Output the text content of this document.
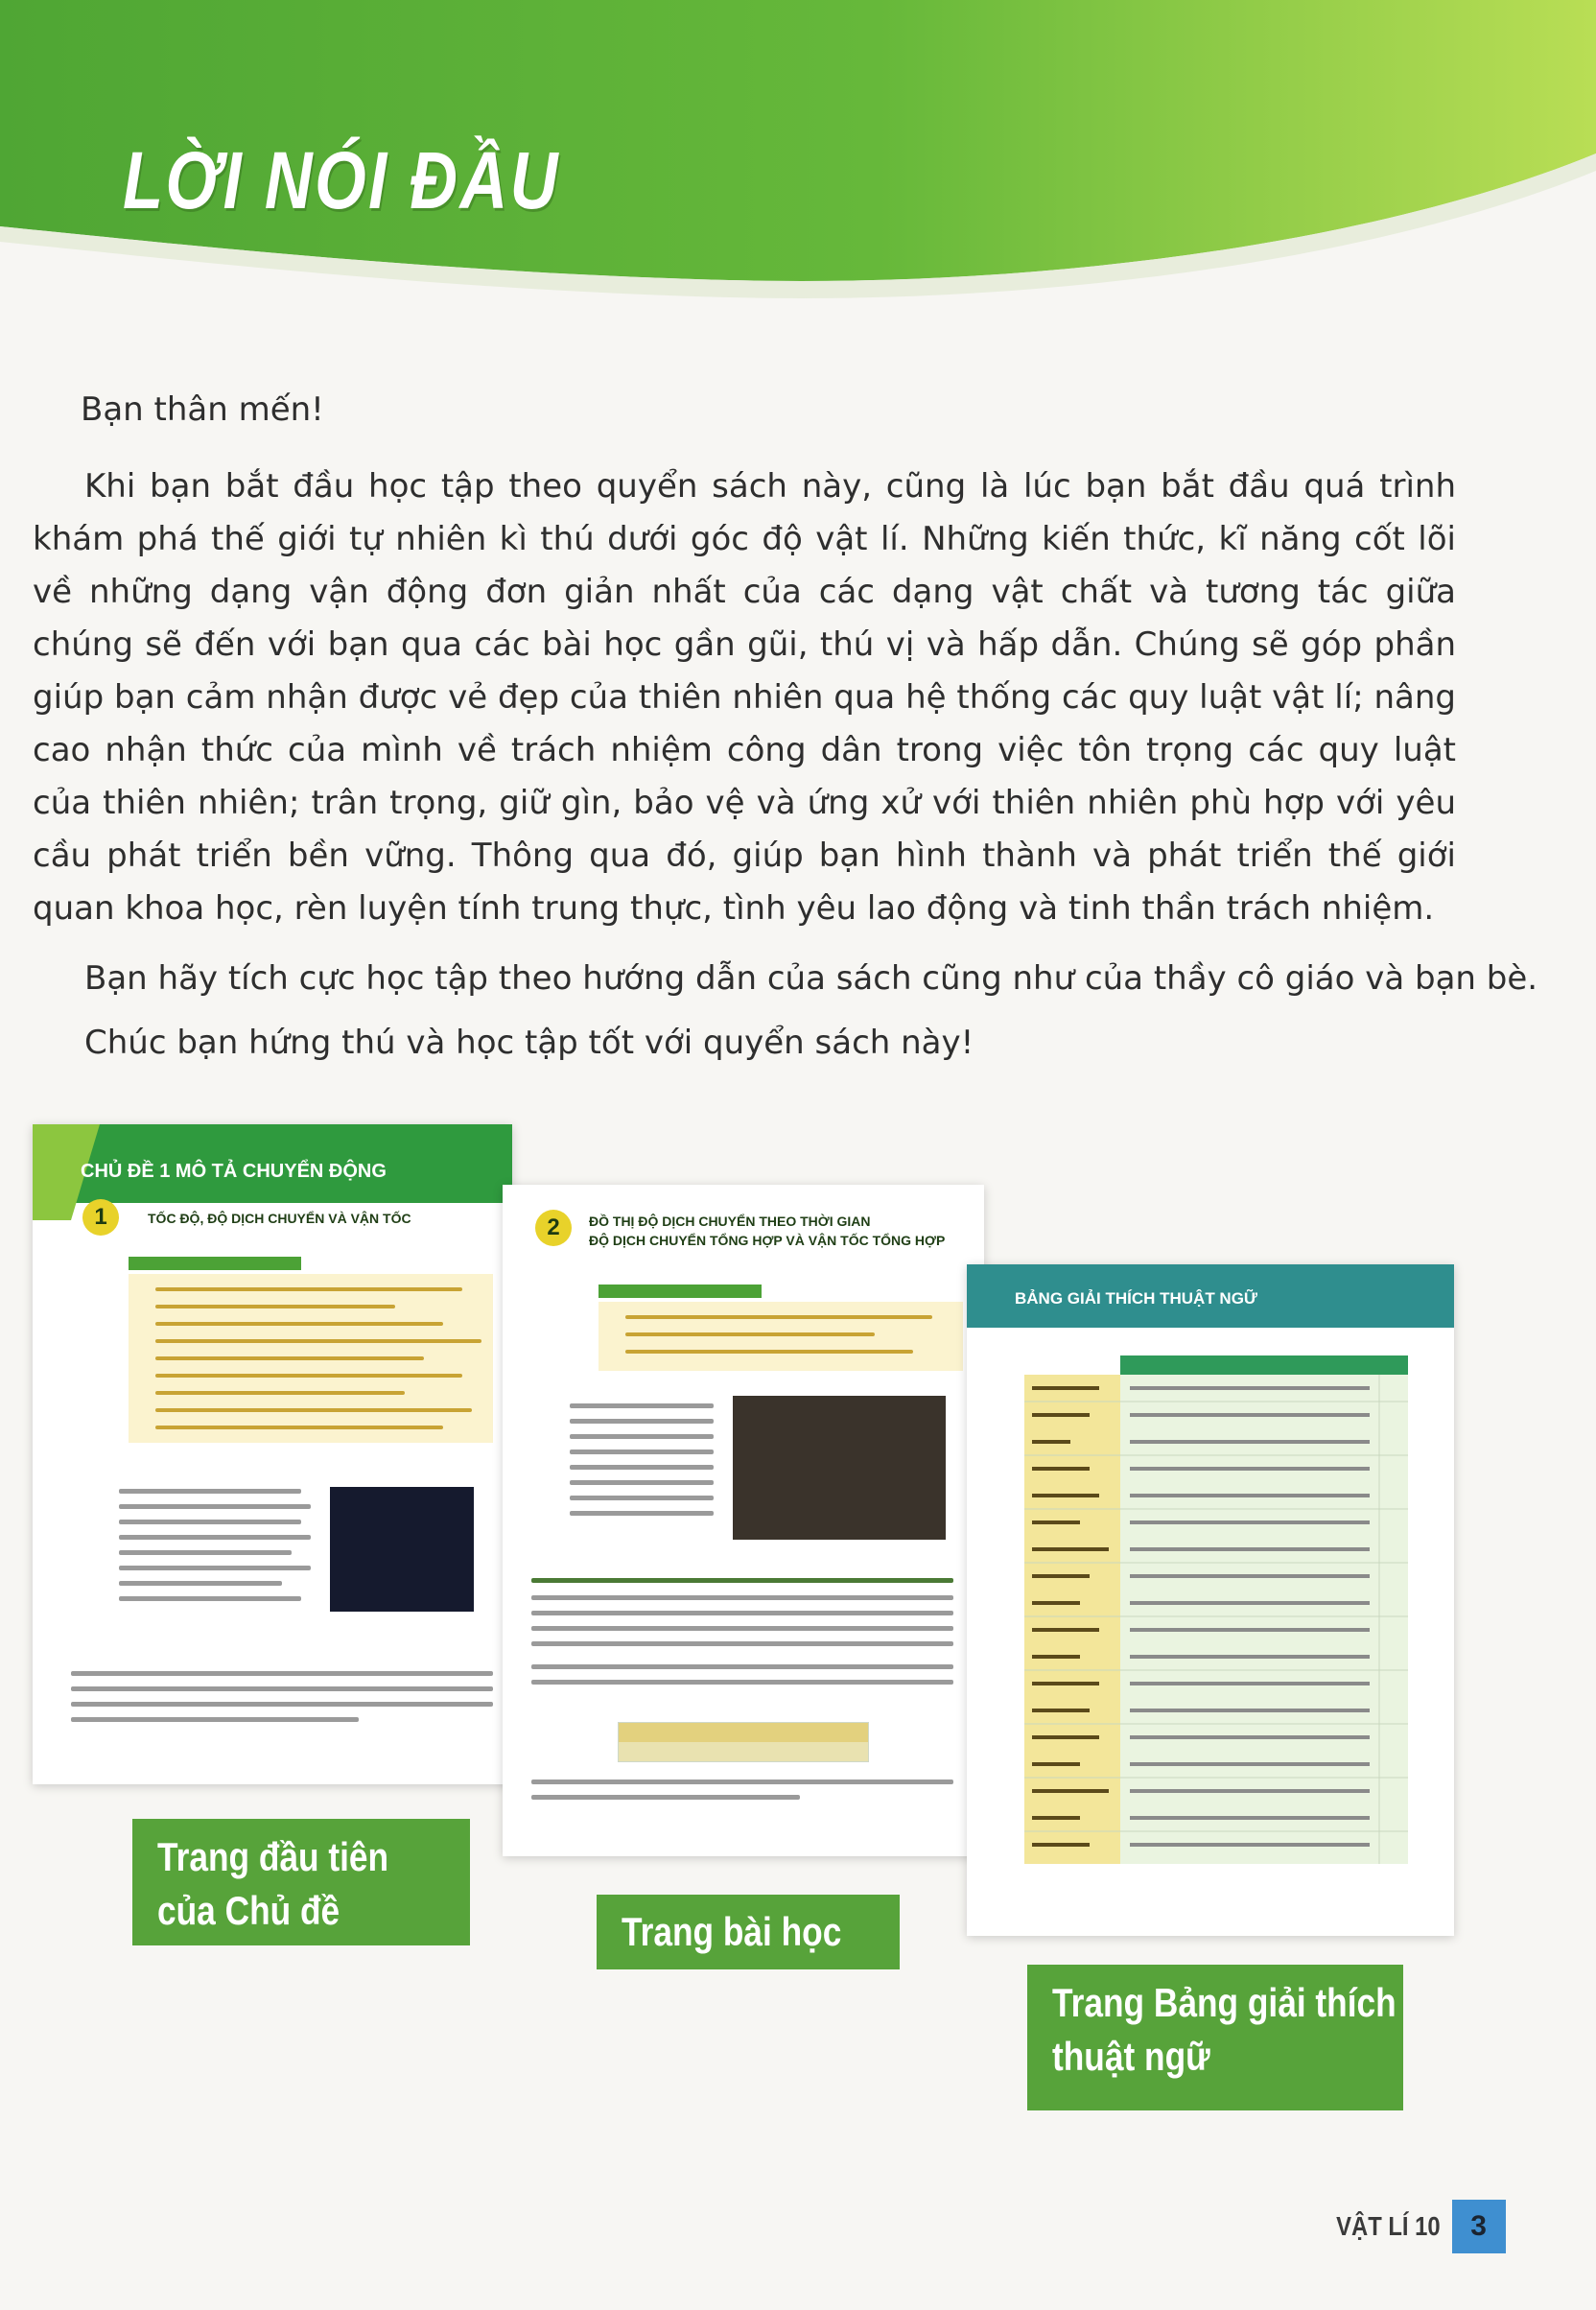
LỜI NÓI ĐẦU

Bạn thân mến!

Khi bạn bắt đầu học tập theo quyển sách này, cũng là lúc bạn bắt đầu quá trình khám phá thế giới tự nhiên kì thú dưới góc độ vật lí. Những kiến thức, kĩ năng cốt lõi về những dạng vận động đơn giản nhất của các dạng vật chất và tương tác giữa chúng sẽ đến với bạn qua các bài học gần gũi, thú vị và hấp dẫn. Chúng sẽ góp phần giúp bạn cảm nhận được vẻ đẹp của thiên nhiên qua hệ thống các quy luật vật lí; nâng cao nhận thức của mình về trách nhiệm công dân trong việc tôn trọng các quy luật của thiên nhiên; trân trọng, giữ gìn, bảo vệ và ứng xử với thiên nhiên phù hợp với yêu cầu phát triển bền vững. Thông qua đó, giúp bạn hình thành và phát triển thế giới quan khoa học, rèn luyện tính trung thực, tình yêu lao động và tinh thần trách nhiệm.

Bạn hãy tích cực học tập theo hướng dẫn của sách cũng như của thầy cô giáo và bạn bè.

Chúc bạn hứng thú và học tập tốt với quyển sách này!

CHỦ ĐỀ 1 MÔ TẢ CHUYỂN ĐỘNG
1	TỐC ĐỘ, ĐỘ DỊCH CHUYỂN VÀ VẬN TỐC	2	ĐỒ THỊ ĐỘ DỊCH CHUYỂN THEO THỜI GIAN
ĐỘ DỊCH CHUYỂN TỔNG HỢP VÀ VẬN TỐC TỔNG HỢP
BẢNG GIẢI THÍCH THUẬT NGỮ
Trang đầu tiên
của Chủ đề	Trang bài học
Trang Bảng giải thích
thuật ngữ
VẬT LÍ 10	3
